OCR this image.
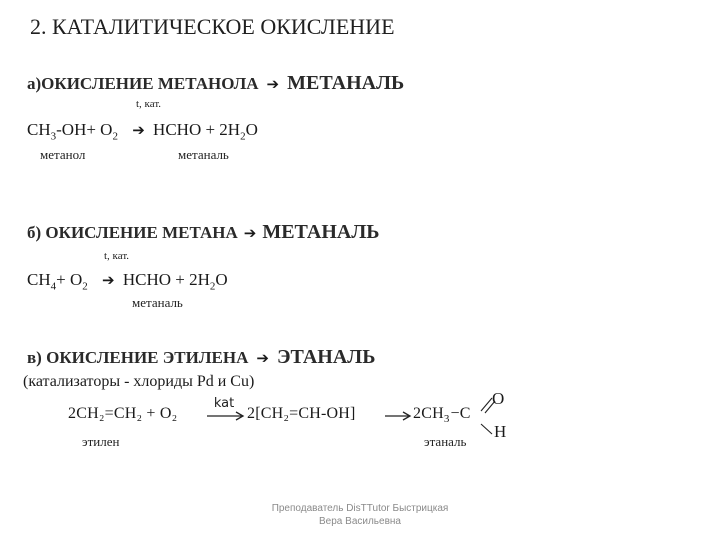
2. КАТАЛИТИЧЕСКОЕ ОКИСЛЕНИЕ
а)ОКИСЛЕНИЕ МЕТАНОЛА ➔ МЕТАНАЛЬ
t, кат.
$CH_3-OH+ O_2$ ➔ HCHO + $2H_2O$
метанол	метаналь
б) ОКИСЛЕНИЕ МЕТАНА ➔ МЕТАНАЛЬ
t, кат.
$CH_4+ O_2$ ➔ HCHO + $2H_2O$
метаналь
в) ОКИСЛЕНИЕ ЭТИЛЕНА ➔ ЭТАНАЛЬ
(катализаторы - хлориды Pd и Cu)
2CH₂=CH₂ + O₂
kat
→ $2[CH_2=CH-OH] \to 2CH_3-C$
O
H
этилен	этаналь
Преподаватель DisTTutor Быстрицкая
Вера Васильевна
